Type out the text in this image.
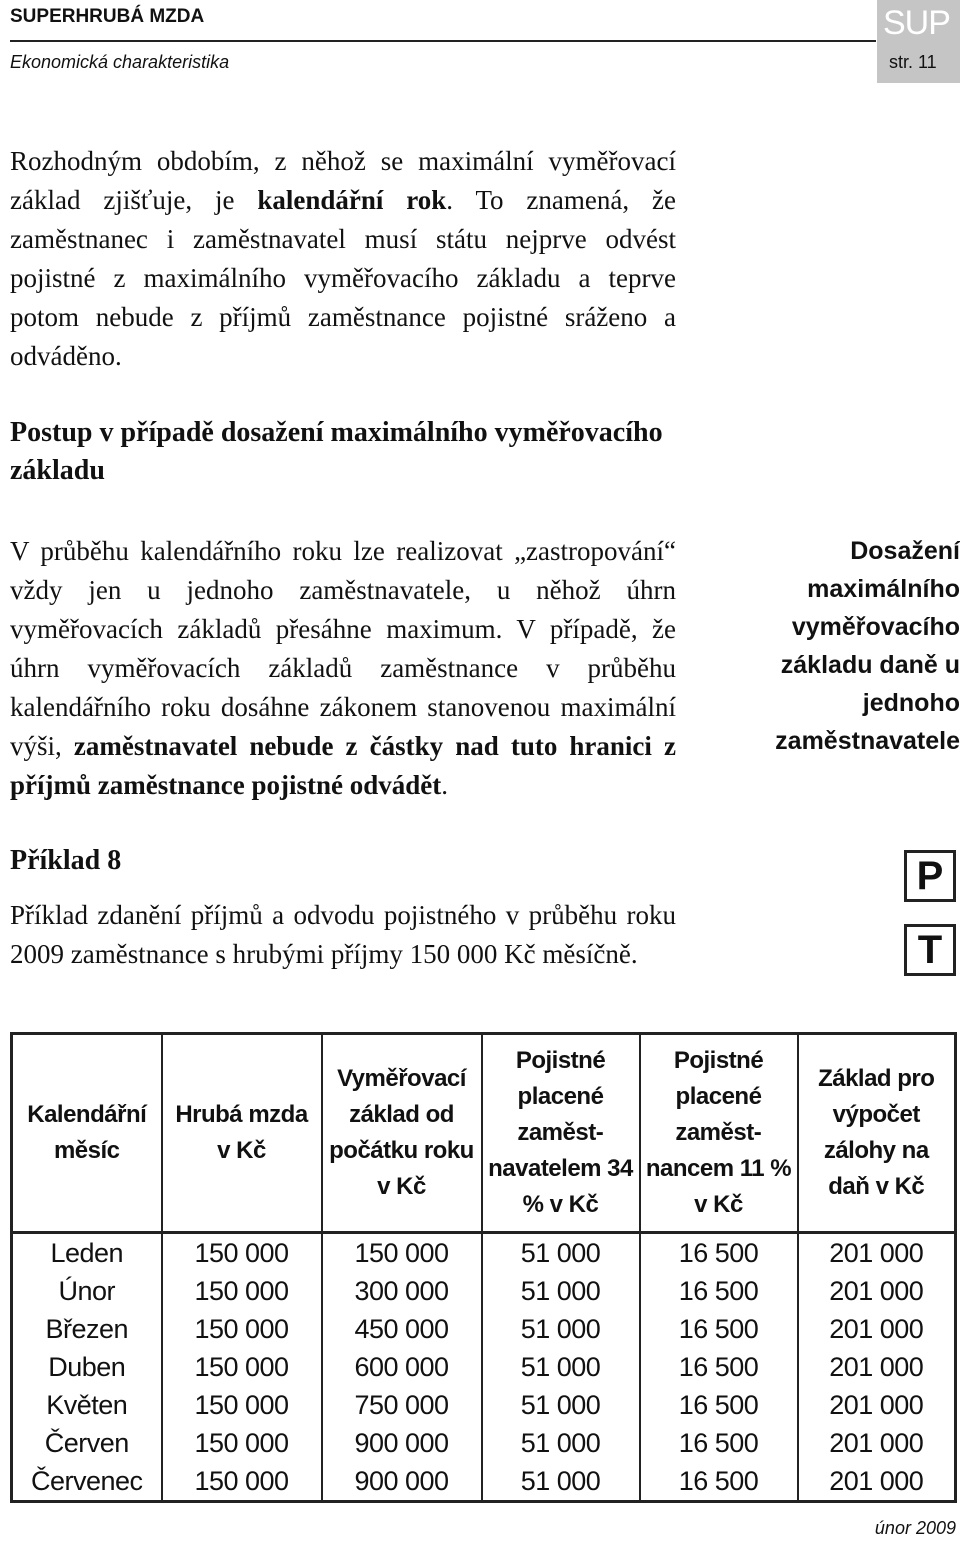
SUPERHRUBÁ MZDA
Ekonomická charakteristika
SUP
str. 11
Rozhodným obdobím, z něhož se maximální vyměřovací základ zjišťuje, je kalendářní rok. To znamená, že zaměstnanec i zaměstnavatel musí státu nejprve odvést pojistné z maximálního vyměřovacího základu a teprve potom nebude z příjmů zaměstnance pojistné sráženo a odváděno.
Postup v případě dosažení maximálního vyměřovacího základu
V průběhu kalendářního roku lze realizovat „zastropování“ vždy jen u jednoho zaměstnavatele, u něhož úhrn vyměřovacích základů přesáhne maximum. V případě, že úhrn vyměřovacích základů zaměstnance v průběhu kalendářního roku dosáhne zákonem stanovenou maximální výši, zaměstnavatel nebude z částky nad tuto hranici z příjmů zaměstnance pojistné odvádět.
Dosažení maximálního vyměřovacího základu daně u jednoho zaměstnavatele
Příklad 8
Příklad zdanění příjmů a odvodu pojistného v průběhu roku 2009 zaměstnance s hrubými příjmy 150 000 Kč měsíčně.
P
T
Kalendářní měsíc	Hrubá mzda v Kč	Vyměřovací základ od počátku roku v Kč	Pojistné placené zaměstnavatelem 34 % v Kč	Pojistné placené zaměstnancem 11 % v Kč	Základ pro výpočet zálohy na daň v Kč
Leden	150 000	150 000	51 000	16 500	201 000
Únor	150 000	300 000	51 000	16 500	201 000
Březen	150 000	450 000	51 000	16 500	201 000
Duben	150 000	600 000	51 000	16 500	201 000
Květen	150 000	750 000	51 000	16 500	201 000
Červen	150 000	900 000	51 000	16 500	201 000
Červenec	150 000	900 000	51 000	16 500	201 000
únor 2009
